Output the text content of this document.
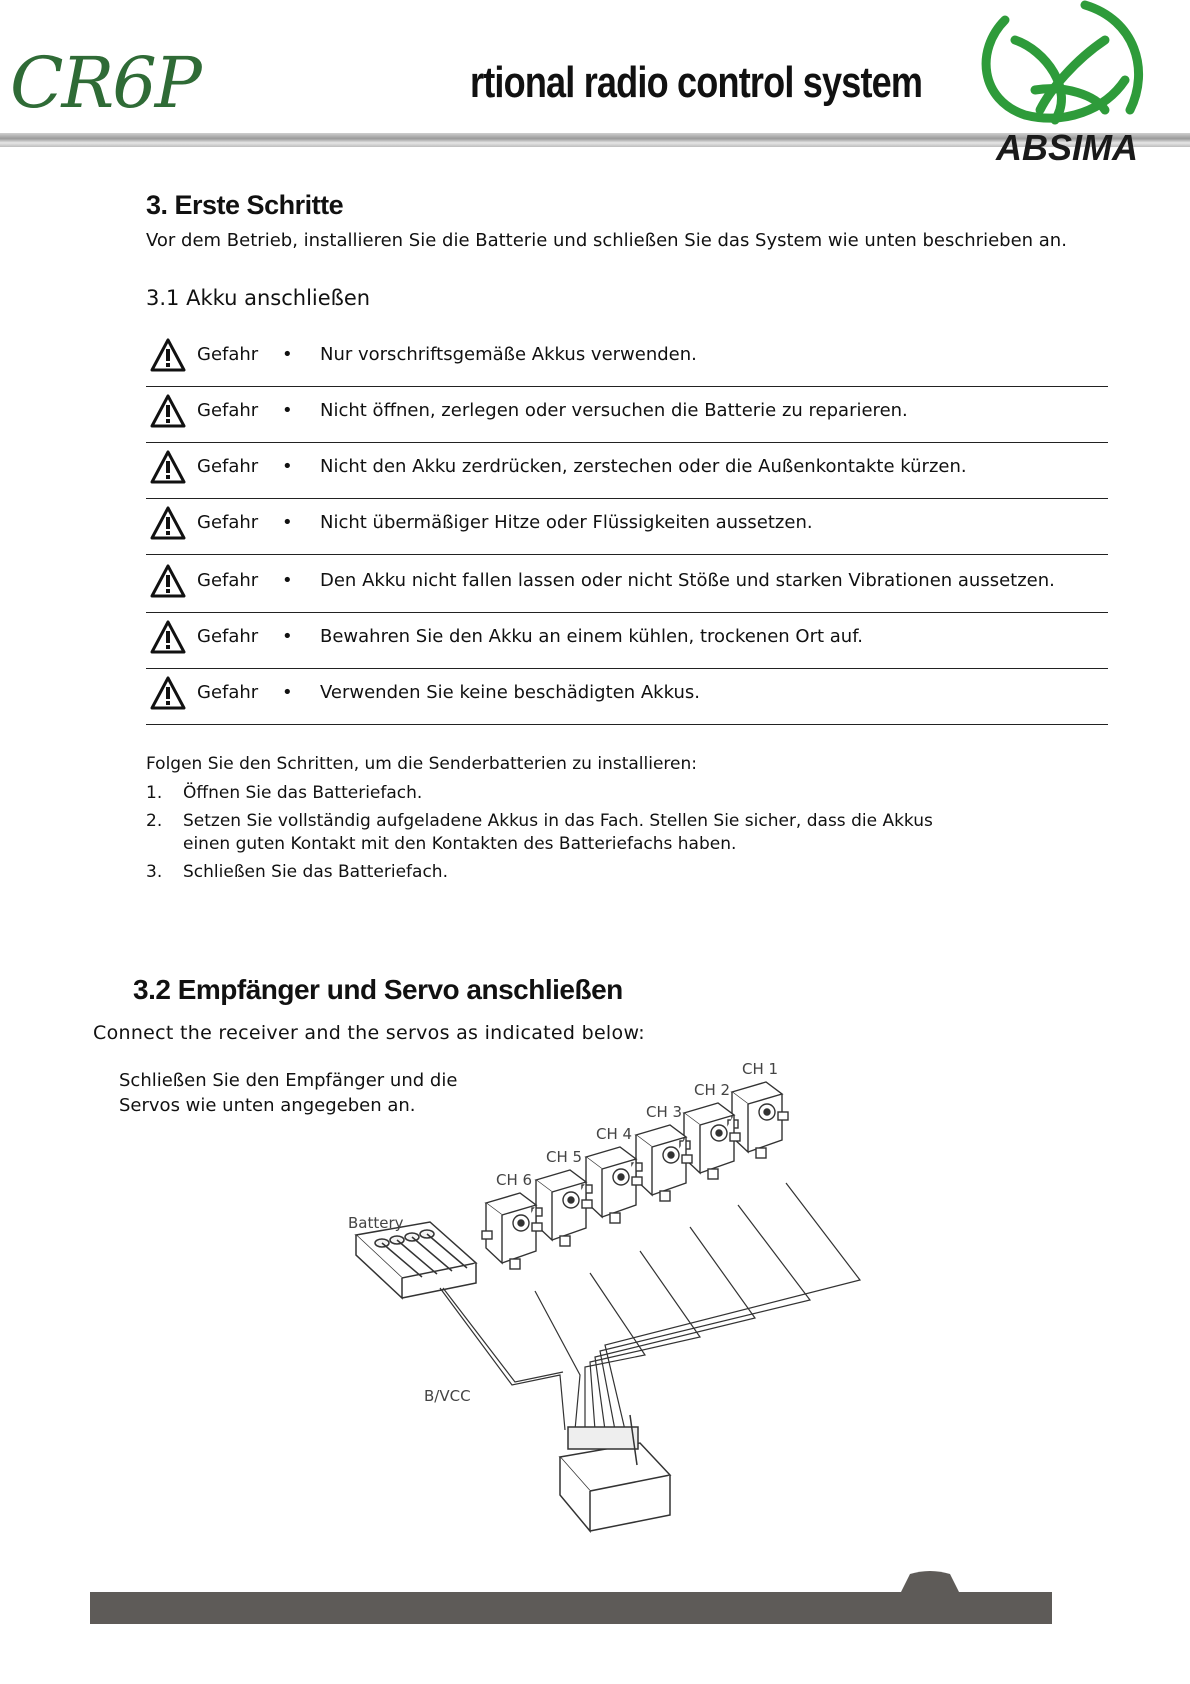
CR6P	rtional radio control system
ABSIMA
3. Erste Schritte
Vor dem Betrieb, installieren Sie die Batterie und schließen Sie das System wie unten beschrieben an.
3.1 Akku anschließen
Gefahr • Nur vorschriftsgemäße Akkus verwenden.
Gefahr • Nicht öffnen, zerlegen oder versuchen die Batterie zu reparieren.
Gefahr • Nicht den Akku zerdrücken, zerstechen oder die Außenkontakte kürzen.
Gefahr • Nicht übermäßiger Hitze oder Flüssigkeiten aussetzen.
Gefahr • Den Akku nicht fallen lassen oder nicht Stöße und starken Vibrationen aussetzen.
Gefahr • Bewahren Sie den Akku an einem kühlen, trockenen Ort auf.
Gefahr • Verwenden Sie keine beschädigten Akkus.
Folgen Sie den Schritten, um die Senderbatterien zu installieren:
1. Öffnen Sie das Batteriefach.
2. Setzen Sie vollständig aufgeladene Akkus in das Fach. Stellen Sie sicher, dass die Akkus einen guten Kontakt mit den Kontakten des Batteriefachs haben.
3. Schließen Sie das Batteriefach.
3.2 Empfänger und Servo anschließen
Connect the receiver and the servos as indicated below:
Schließen Sie den Empfänger und die Servos wie unten angegeben an.
Battery
B/VCC
CH 1
CH 2
CH 3
CH 4
CH 5
CH 6
